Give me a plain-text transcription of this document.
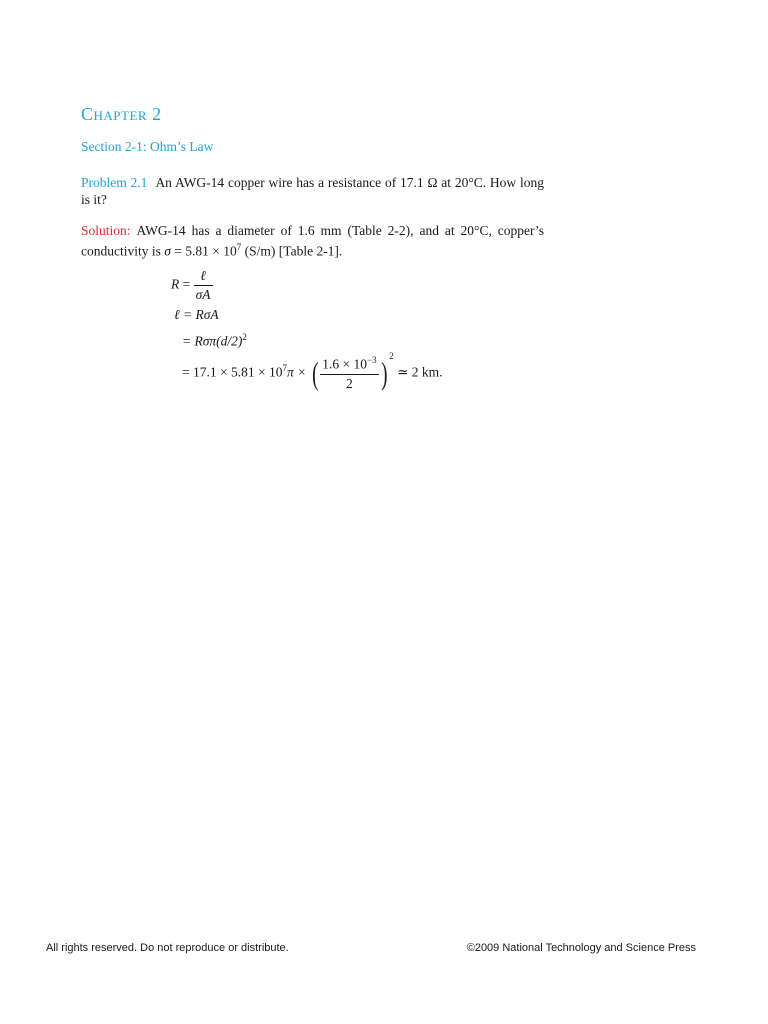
Chapter 2
Section 2-1: Ohm’s Law

Problem 2.1 An AWG-14 copper wire has a resistance of 17.1 Ω at 20°C. How long is it?

Solution: AWG-14 has a diameter of 1.6 mm (Table 2-2), and at 20°C, copper’s conductivity is $\sigma = 5.81 \times 10^7$ (S/m) [Table 2-1].

$R = \frac{\text{ℓ}}{\sigma A}$
ℓ = RσA
= $R\sigma\pi(d/2)^2$
= $17.1 \times 5.81 \times 10^7\pi$ × ( $\frac{1.6 \times 10^{-3}}{2}$ ) $^2$ ≃ 2 km.
All rights reserved. Do not reproduce or distribute.	©2009 National Technology and Science Press
